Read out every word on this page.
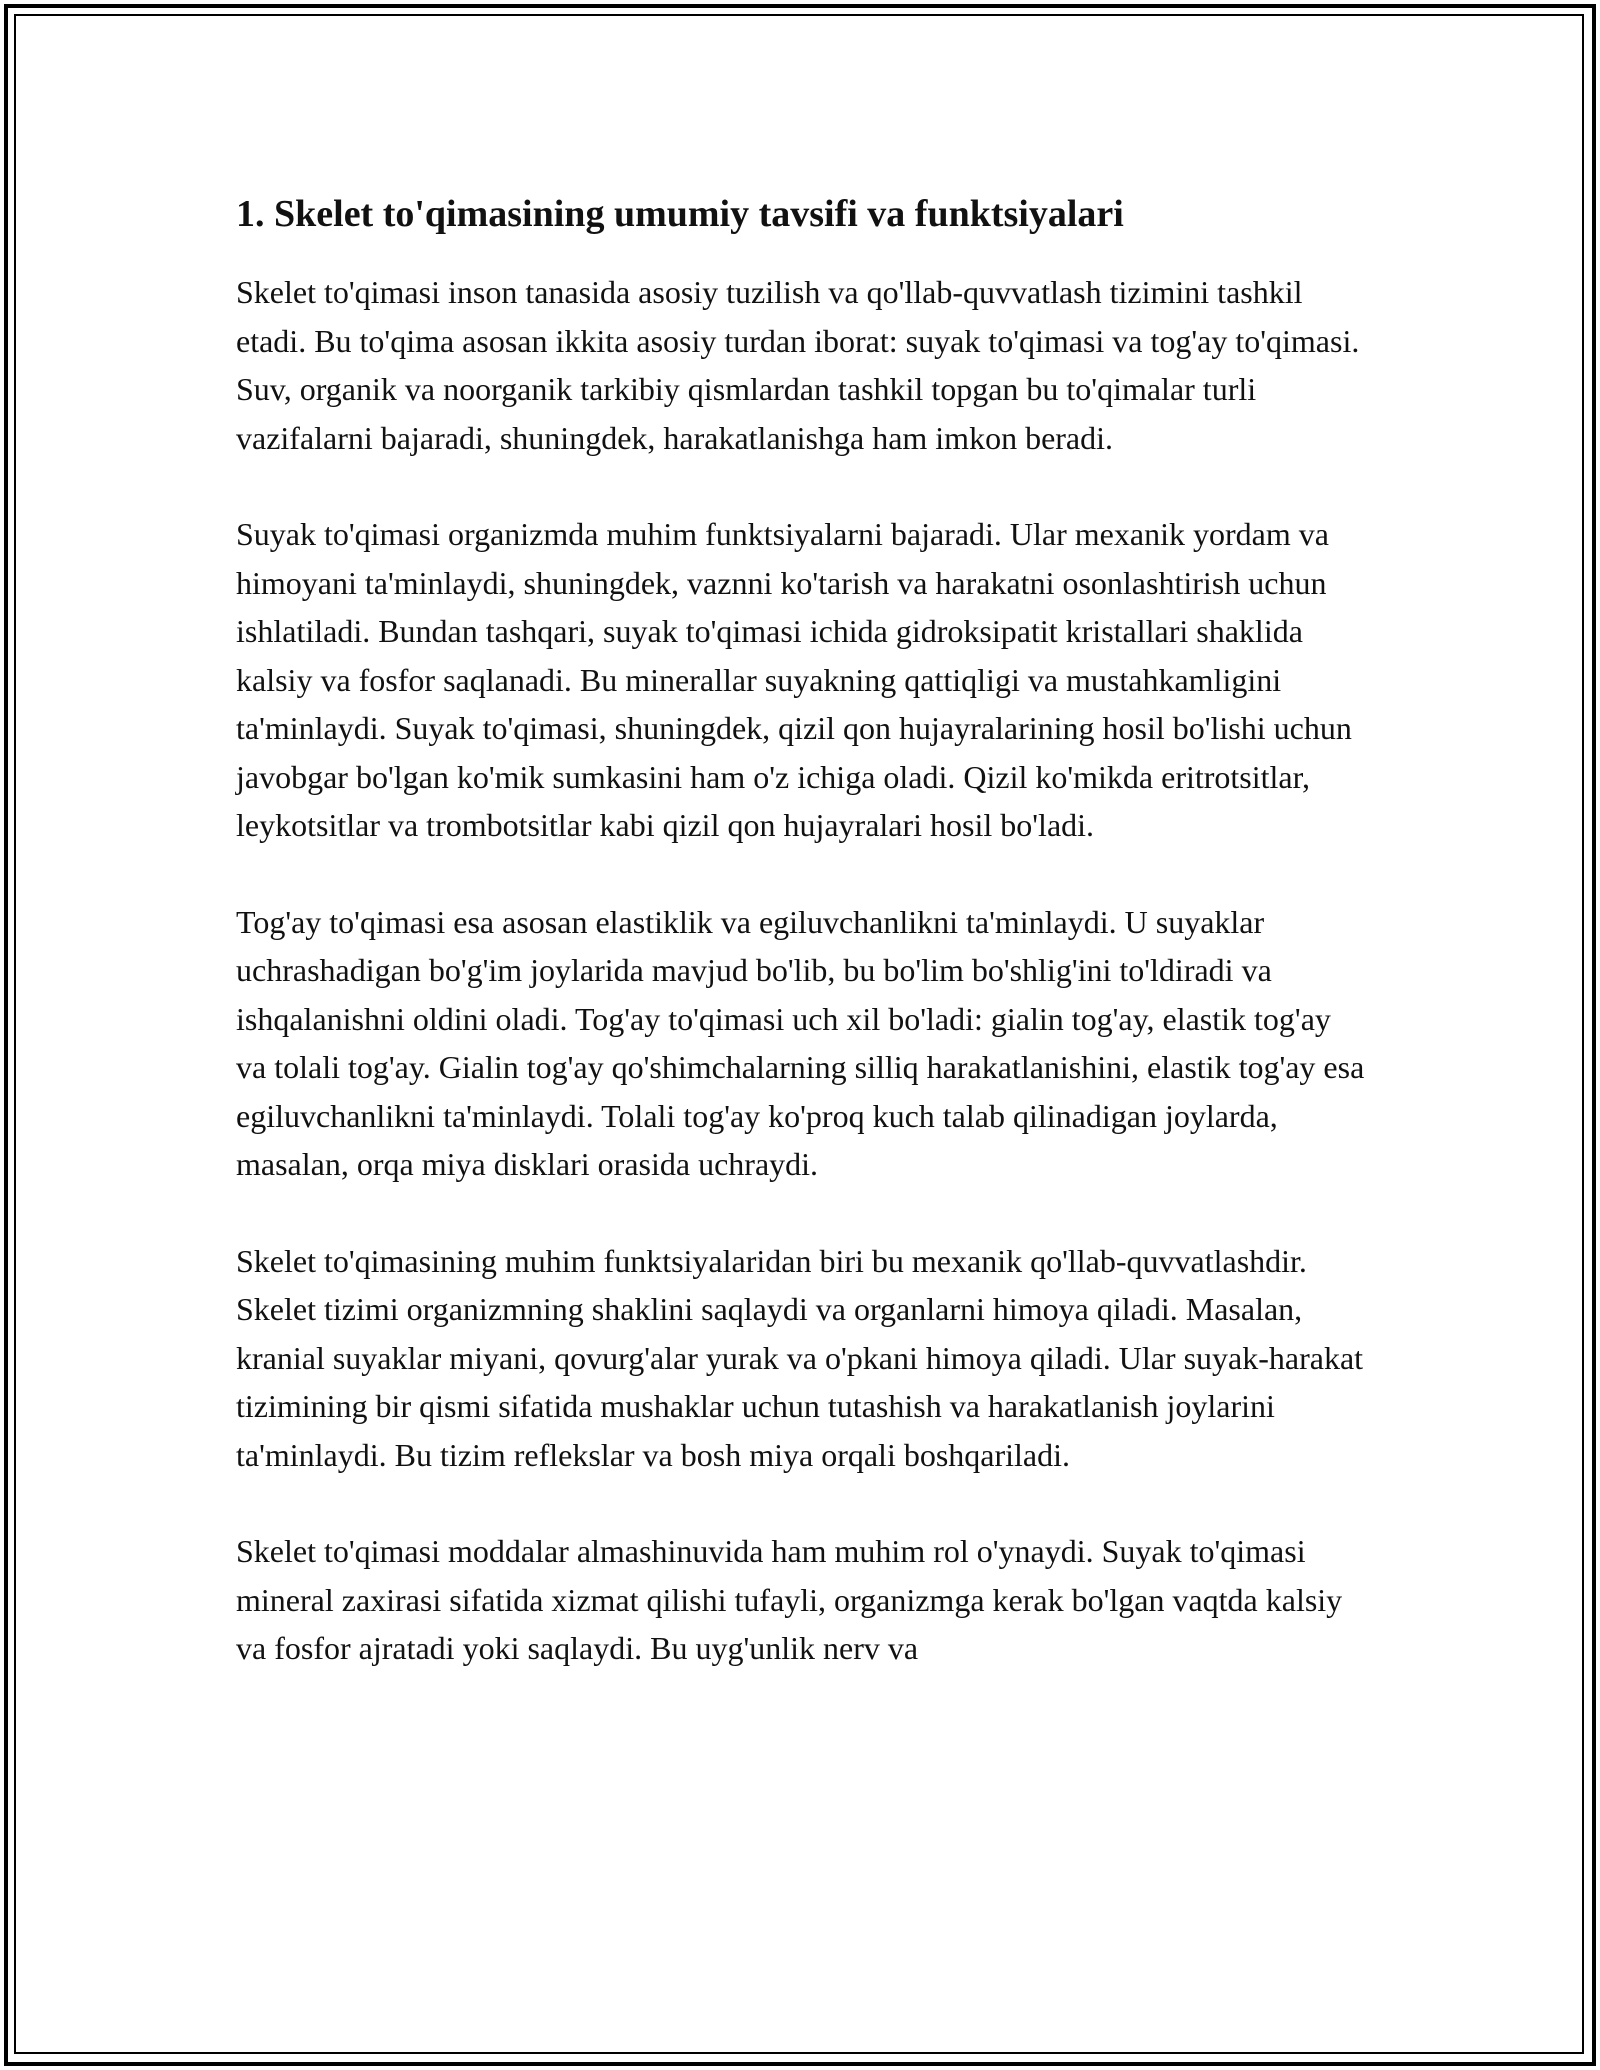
1. Skelet to'qimasining umumiy tavsifi va funktsiyalari

Skelet to'qimasi inson tanasida asosiy tuzilish va qo'llab-quvvatlash tizimini tashkil etadi. Bu to'qima asosan ikkita asosiy turdan iborat: suyak to'qimasi va tog'ay to'qimasi. Suv, organik va noorganik tarkibiy qismlardan tashkil topgan bu to'qimalar turli vazifalarni bajaradi, shuningdek, harakatlanishga ham imkon beradi.

Suyak to'qimasi organizmda muhim funktsiyalarni bajaradi. Ular mexanik yordam va himoyani ta'minlaydi, shuningdek, vaznni ko'tarish va harakatni osonlashtirish uchun ishlatiladi. Bundan tashqari, suyak to'qimasi ichida gidroksipatit kristallari shaklida kalsiy va fosfor saqlanadi. Bu minerallar suyakning qattiqligi va mustahkamligini ta'minlaydi. Suyak to'qimasi, shuningdek, qizil qon hujayralarining hosil bo'lishi uchun javobgar bo'lgan ko'mik sumkasini ham o'z ichiga oladi. Qizil ko'mikda eritrotsitlar, leykotsitlar va trombotsitlar kabi qizil qon hujayralari hosil bo'ladi.

Tog'ay to'qimasi esa asosan elastiklik va egiluvchanlikni ta'minlaydi. U suyaklar uchrashadigan bo'g'im joylarida mavjud bo'lib, bu bo'lim bo'shlig'ini to'ldiradi va ishqalanishni oldini oladi. Tog'ay to'qimasi uch xil bo'ladi: gialin tog'ay, elastik tog'ay va tolali tog'ay. Gialin tog'ay qo'shimchalarning silliq harakatlanishini, elastik tog'ay esa egiluvchanlikni ta'minlaydi. Tolali tog'ay ko'proq kuch talab qilinadigan joylarda, masalan, orqa miya disklari orasida uchraydi.

Skelet to'qimasining muhim funktsiyalaridan biri bu mexanik qo'llab-quvvatlashdir. Skelet tizimi organizmning shaklini saqlaydi va organlarni himoya qiladi. Masalan, kranial suyaklar miyani, qovurg'alar yurak va o'pkani himoya qiladi. Ular suyak-harakat tizimining bir qismi sifatida mushaklar uchun tutashish va harakatlanish joylarini ta'minlaydi. Bu tizim reflekslar va bosh miya orqali boshqariladi.

Skelet to'qimasi moddalar almashinuvida ham muhim rol o'ynaydi. Suyak to'qimasi mineral zaxirasi sifatida xizmat qilishi tufayli, organizmga kerak bo'lgan vaqtda kalsiy va fosfor ajratadi yoki saqlaydi. Bu uyg'unlik nerv va
